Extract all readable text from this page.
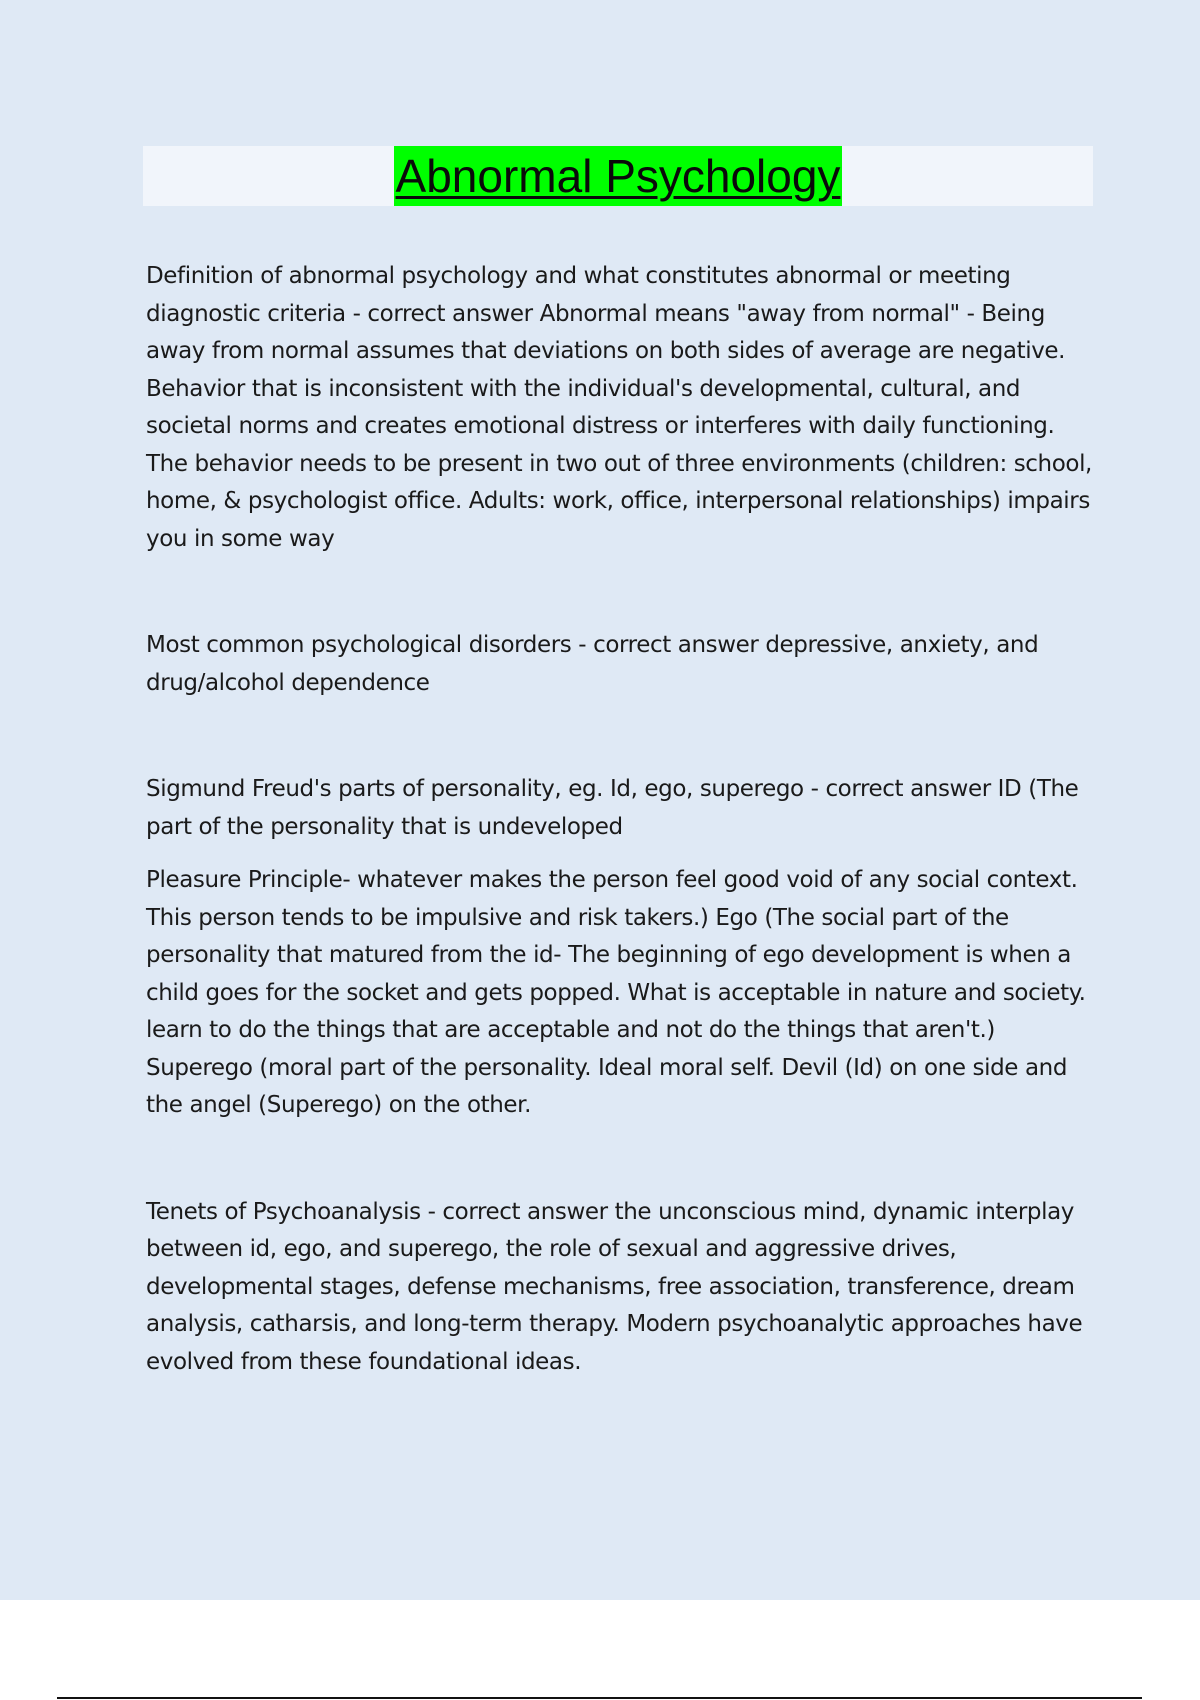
Abnormal Psychology

Definition of abnormal psychology and what constitutes abnormal or meeting diagnostic criteria - correct answer Abnormal means "away from normal" - Being away from normal assumes that deviations on both sides of average are negative. Behavior that is inconsistent with the individual's developmental, cultural, and societal norms and creates emotional distress or interferes with daily functioning. The behavior needs to be present in two out of three environments (children: school, home, & psychologist office. Adults: work, office, interpersonal relationships) impairs you in some way

Most common psychological disorders - correct answer depressive, anxiety, and drug/alcohol dependence

Sigmund Freud's parts of personality, eg. Id, ego, superego - correct answer ID (The part of the personality that is undeveloped

Pleasure Principle- whatever makes the person feel good void of any social context. This person tends to be impulsive and risk takers.) Ego (The social part of the personality that matured from the id- The beginning of ego development is when a child goes for the socket and gets popped. What is acceptable in nature and society. learn to do the things that are acceptable and not do the things that aren't.) Superego (moral part of the personality. Ideal moral self. Devil (Id) on one side and the angel (Superego) on the other.

Tenets of Psychoanalysis - correct answer the unconscious mind, dynamic interplay between id, ego, and superego, the role of sexual and aggressive drives, developmental stages, defense mechanisms, free association, transference, dream analysis, catharsis, and long-term therapy. Modern psychoanalytic approaches have evolved from these foundational ideas.
